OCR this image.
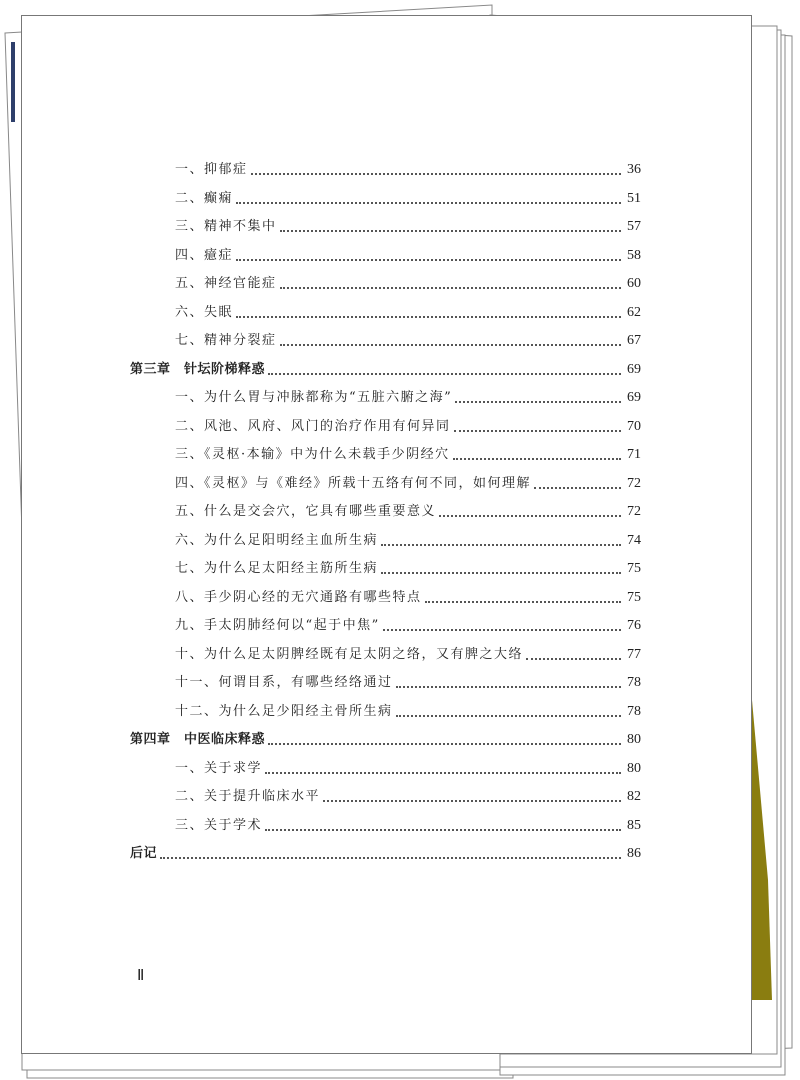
一、抑郁症	36
二、癫痫	51
三、精神不集中	57
四、癔症	58
五、神经官能症	60
六、失眠	62
七、精神分裂症	67
第三章　针坛阶梯释惑	69
一、为什么胃与冲脉都称为“五脏六腑之海”	69
二、风池、风府、风门的治疗作用有何异同	70
三、《灵枢·本输》中为什么未载手少阴经穴	71
四、《灵枢》与《难经》所载十五络有何不同，如何理解	72
五、什么是交会穴，它具有哪些重要意义	72
六、为什么足阳明经主血所生病	74
七、为什么足太阳经主筋所生病	75
八、手少阴心经的无穴通路有哪些特点	75
九、手太阴肺经何以“起于中焦”	76
十、为什么足太阴脾经既有足太阴之络，又有脾之大络	77
十一、何谓目系，有哪些经络通过	78
十二、为什么足少阳经主骨所生病	78
第四章　中医临床释惑	80
一、关于求学	80
二、关于提升临床水平	82
三、关于学术	85
后记	86
Ⅱ
